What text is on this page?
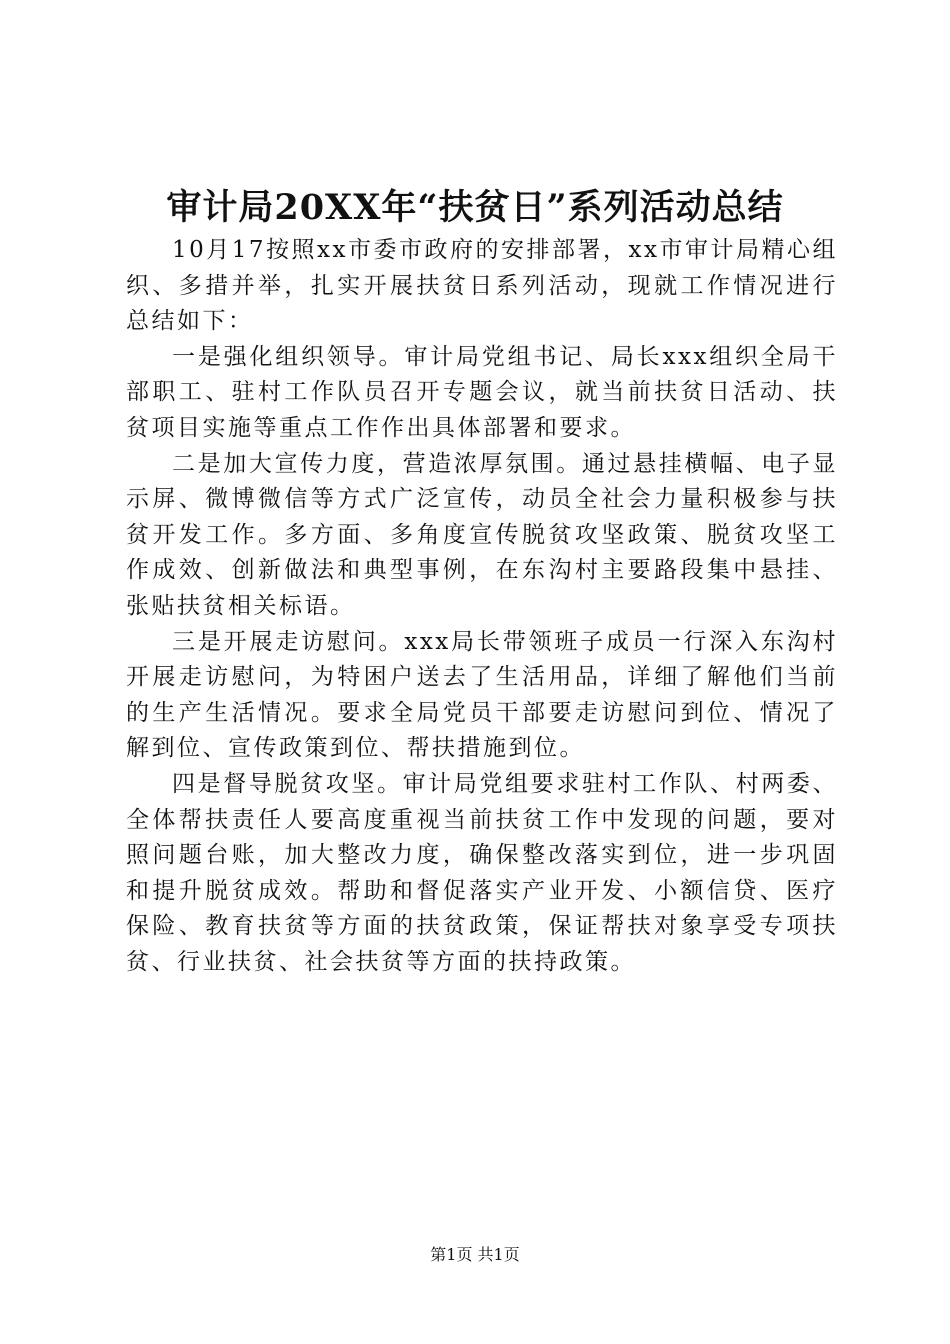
审计局20XX年“扶贫日”系列活动总结

10月17按照xx市委市政府的安排部署，xx市审计局精心组织、多措并举，扎实开展扶贫日系列活动，现就工作情况进行总结如下：

一是强化组织领导。审计局党组书记、局长xxx组织全局干部职工、驻村工作队员召开专题会议，就当前扶贫日活动、扶贫项目实施等重点工作作出具体部署和要求。

二是加大宣传力度，营造浓厚氛围。通过悬挂横幅、电子显示屏、微博微信等方式广泛宣传，动员全社会力量积极参与扶贫开发工作。多方面、多角度宣传脱贫攻坚政策、脱贫攻坚工作成效、创新做法和典型事例，在东沟村主要路段集中悬挂、张贴扶贫相关标语。

三是开展走访慰问。xxx局长带领班子成员一行深入东沟村开展走访慰问，为特困户送去了生活用品，详细了解他们当前的生产生活情况。要求全局党员干部要走访慰问到位、情况了解到位、宣传政策到位、帮扶措施到位。

四是督导脱贫攻坚。审计局党组要求驻村工作队、村两委、全体帮扶责任人要高度重视当前扶贫工作中发现的问题，要对照问题台账，加大整改力度，确保整改落实到位，进一步巩固和提升脱贫成效。帮助和督促落实产业开发、小额信贷、医疗保险、教育扶贫等方面的扶贫政策，保证帮扶对象享受专项扶贫、行业扶贫、社会扶贫等方面的扶持政策。

第1页 共1页
